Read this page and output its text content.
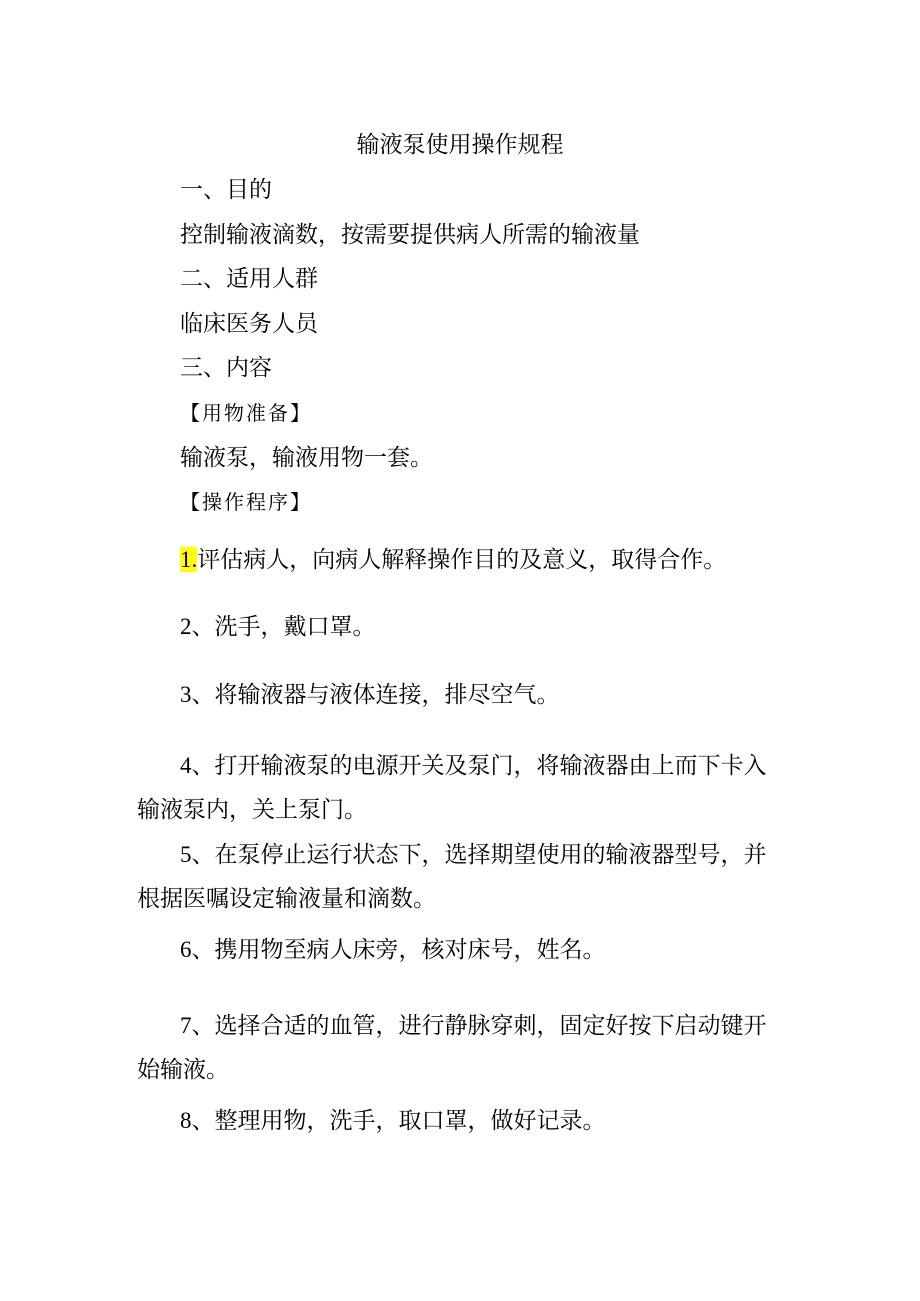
输液泵使用操作规程
一、目的
控制输液滴数，按需要提供病人所需的输液量
二、适用人群
临床医务人员
三、内容
【用物准备】
输液泵，输液用物一套。
【操作程序】
1.评估病人，向病人解释操作目的及意义，取得合作。
2、洗手，戴口罩。
3、将输液器与液体连接，排尽空气。
4、打开输液泵的电源开关及泵门，将输液器由上而下卡入
输液泵内，关上泵门。
5、在泵停止运行状态下，选择期望使用的输液器型号，并
根据医嘱设定输液量和滴数。
6、携用物至病人床旁，核对床号，姓名。
7、选择合适的血管，进行静脉穿刺，固定好按下启动键开
始输液。
8、整理用物，洗手，取口罩，做好记录。
